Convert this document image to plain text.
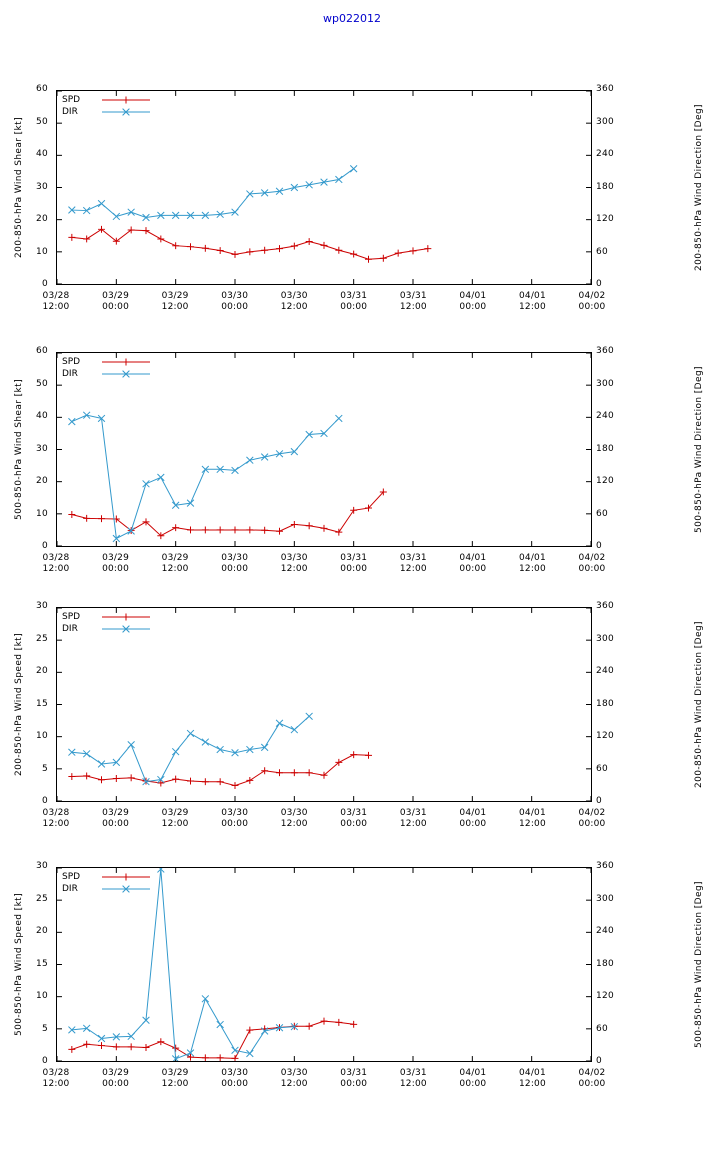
wp022012
200-850-hPa Wind Shear [kt]	200-850-hPa Wind Direction [Deg]
0
10
20
30
40
50
60
0
60
120
180
240
300
360
03/28
12:00
03/29
00:00
03/29
12:00
03/30
00:00
03/30
12:00
03/31
00:00
03/31
12:00
04/01
00:00
04/01
12:00
04/02
00:00
SPD
DIR
500-850-hPa Wind Shear [kt]	500-850-hPa Wind Direction [Deg]
0
10
20
30
40
50
60
0
60
120
180
240
300
360
03/28
12:00
03/29
00:00
03/29
12:00
03/30
00:00
03/30
12:00
03/31
00:00
03/31
12:00
04/01
00:00
04/01
12:00
04/02
00:00
SPD
DIR
200-850-hPa Wind Speed [kt]	200-850-hPa Wind Direction [Deg]
0
5
10
15
20
25
30
0
60
120
180
240
300
360
03/28
12:00
03/29
00:00
03/29
12:00
03/30
00:00
03/30
12:00
03/31
00:00
03/31
12:00
04/01
00:00
04/01
12:00
04/02
00:00
SPD
DIR
500-850-hPa Wind Speed [kt]	500-850-hPa Wind Direction [Deg]
0
5
10
15
20
25
30
0
60
120
180
240
300
360
03/28
12:00
03/29
00:00
03/29
12:00
03/30
00:00
03/30
12:00
03/31
00:00
03/31
12:00
04/01
00:00
04/01
12:00
04/02
00:00
SPD
DIR
